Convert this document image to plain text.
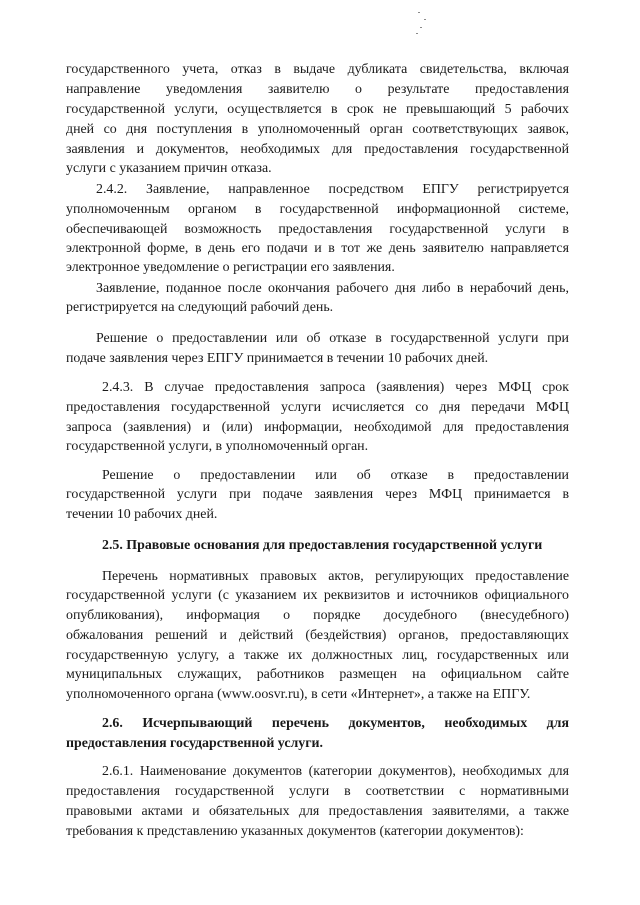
государственного учета, отказ в выдаче дубликата свидетельства, включая
направление уведомления заявителю о результате предоставления
государственной услуги, осуществляется в срок не превышающий 5 рабочих
дней со дня поступления в уполномоченный орган соответствующих заявок,
заявления и документов, необходимых для предоставления государственной
услуги с указанием причин отказа.
2.4.2. Заявление, направленное посредством ЕПГУ регистрируется
уполномоченным органом в государственной информационной системе,
обеспечивающей возможность предоставления государственной услуги в
электронной форме, в день его подачи и в тот же день заявителю направляется
электронное уведомление о регистрации его заявления.
Заявление, поданное после окончания рабочего дня либо в нерабочий день,
регистрируется на следующий рабочий день.
Решение о предоставлении или об отказе в государственной услуги при
подаче заявления через ЕПГУ принимается в течении 10 рабочих дней.
2.4.3. В случае предоставления запроса (заявления) через МФЦ срок
предоставления государственной услуги исчисляется со дня передачи МФЦ
запроса (заявления) и (или) информации, необходимой для предоставления
государственной услуги, в уполномоченный орган.
Решение о предоставлении или об отказе в предоставлении
государственной услуги при подаче заявления через МФЦ принимается в
течении 10 рабочих дней.
2.5. Правовые основания для предоставления государственной услуги
Перечень нормативных правовых актов, регулирующих предоставление
государственной услуги (с указанием их реквизитов и источников официального
опубликования), информация о порядке досудебного (внесудебного)
обжалования решений и действий (бездействия) органов, предоставляющих
государственную услугу, а также их должностных лиц, государственных или
муниципальных служащих, работников размещен на официальном сайте
уполномоченного органа (www.oosvr.ru), в сети «Интернет», а также на ЕПГУ.
2.6. Исчерпывающий перечень документов, необходимых для
предоставления государственной услуги.
2.6.1. Наименование документов (категории документов), необходимых для
предоставления государственной услуги в соответствии с нормативными
правовыми актами и обязательных для предоставления заявителями, а также
требования к представлению указанных документов (категории документов):
